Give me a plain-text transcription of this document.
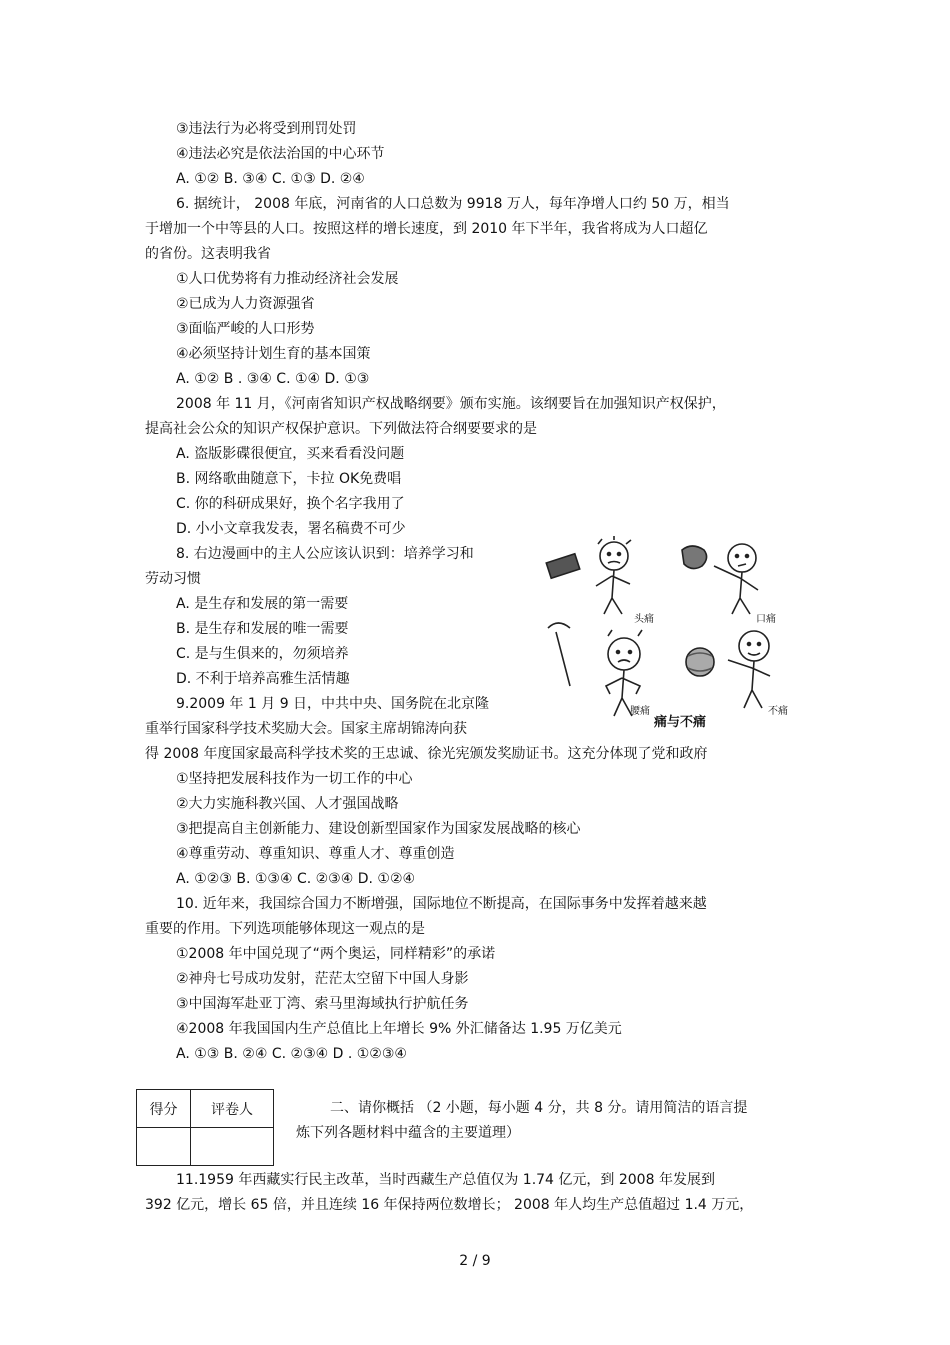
③违法行为必将受到刑罚处罚
④违法必究是依法治国的中心环节
A. ①② B. ③④ C. ①③ D. ②④
6. 据统计， 2008 年底，河南省的人口总数为 9918 万人，每年净增人口约 50 万，相当
于增加一个中等县的人口。按照这样的增长速度，到 2010 年下半年，我省将成为人口超亿
的省份。这表明我省
①人口优势将有力推动经济社会发展
②已成为人力资源强省
③面临严峻的人口形势
④必须坚持计划生育的基本国策
A. ①② B . ③④ C. ①④ D. ①③
2008 年 11 月，《河南省知识产权战略纲要》颁布实施。该纲要旨在加强知识产权保护，
提高社会公众的知识产权保护意识。下列做法符合纲要要求的是
A. 盗版影碟很便宜，买来看看没问题
B. 网络歌曲随意下，卡拉 OK免费唱
C. 你的科研成果好，换个名字我用了
D. 小小文章我发表，署名稿费不可少
8. 右边漫画中的主人公应该认识到：培养学习和
劳动习惯
A. 是生存和发展的第一需要
B. 是生存和发展的唯一需要
C. 是与生俱来的，勿须培养
D. 不利于培养高雅生活情趣
9.2009 年 1 月 9 日，中共中央、国务院在北京隆
重举行国家科学技术奖励大会。国家主席胡锦涛向获
得 2008 年度国家最高科学技术奖的王忠诚、徐光宪颁发奖励证书。这充分体现了党和政府
①坚持把发展科技作为一切工作的中心
②大力实施科教兴国、人才强国战略
③把提高自主创新能力、建设创新型国家作为国家发展战略的核心
④尊重劳动、尊重知识、尊重人才、尊重创造
A. ①②③ B. ①③④ C. ②③④ D. ①②④
10. 近年来，我国综合国力不断增强，国际地位不断提高，在国际事务中发挥着越来越
重要的作用。下列选项能够体现这一观点的是
①2008 年中国兑现了“两个奥运，同样精彩”的承诺
②神舟七号成功发射，茫茫太空留下中国人身影
③中国海军赴亚丁湾、索马里海域执行护航任务
④2008 年我国国内生产总值比上年增长 9% 外汇储备达 1.95 万亿美元
A. ①③ B. ②④ C. ②③④ D . ①②③④
二、请你概括 （2 小题，每小题 4 分，共 8 分。请用简洁的语言提
炼下列各题材料中蕴含的主要道理）
11.1959 年西藏实行民主改革，当时西藏生产总值仅为 1.74 亿元，到 2008 年发展到
392 亿元，增长 65 倍，并且连续 16 年保持两位数增长； 2008 年人均生产总值超过 1.4 万元，
得分	评卷人

头痛	口痛
腰痛	不痛
痛与不痛
2 / 9
